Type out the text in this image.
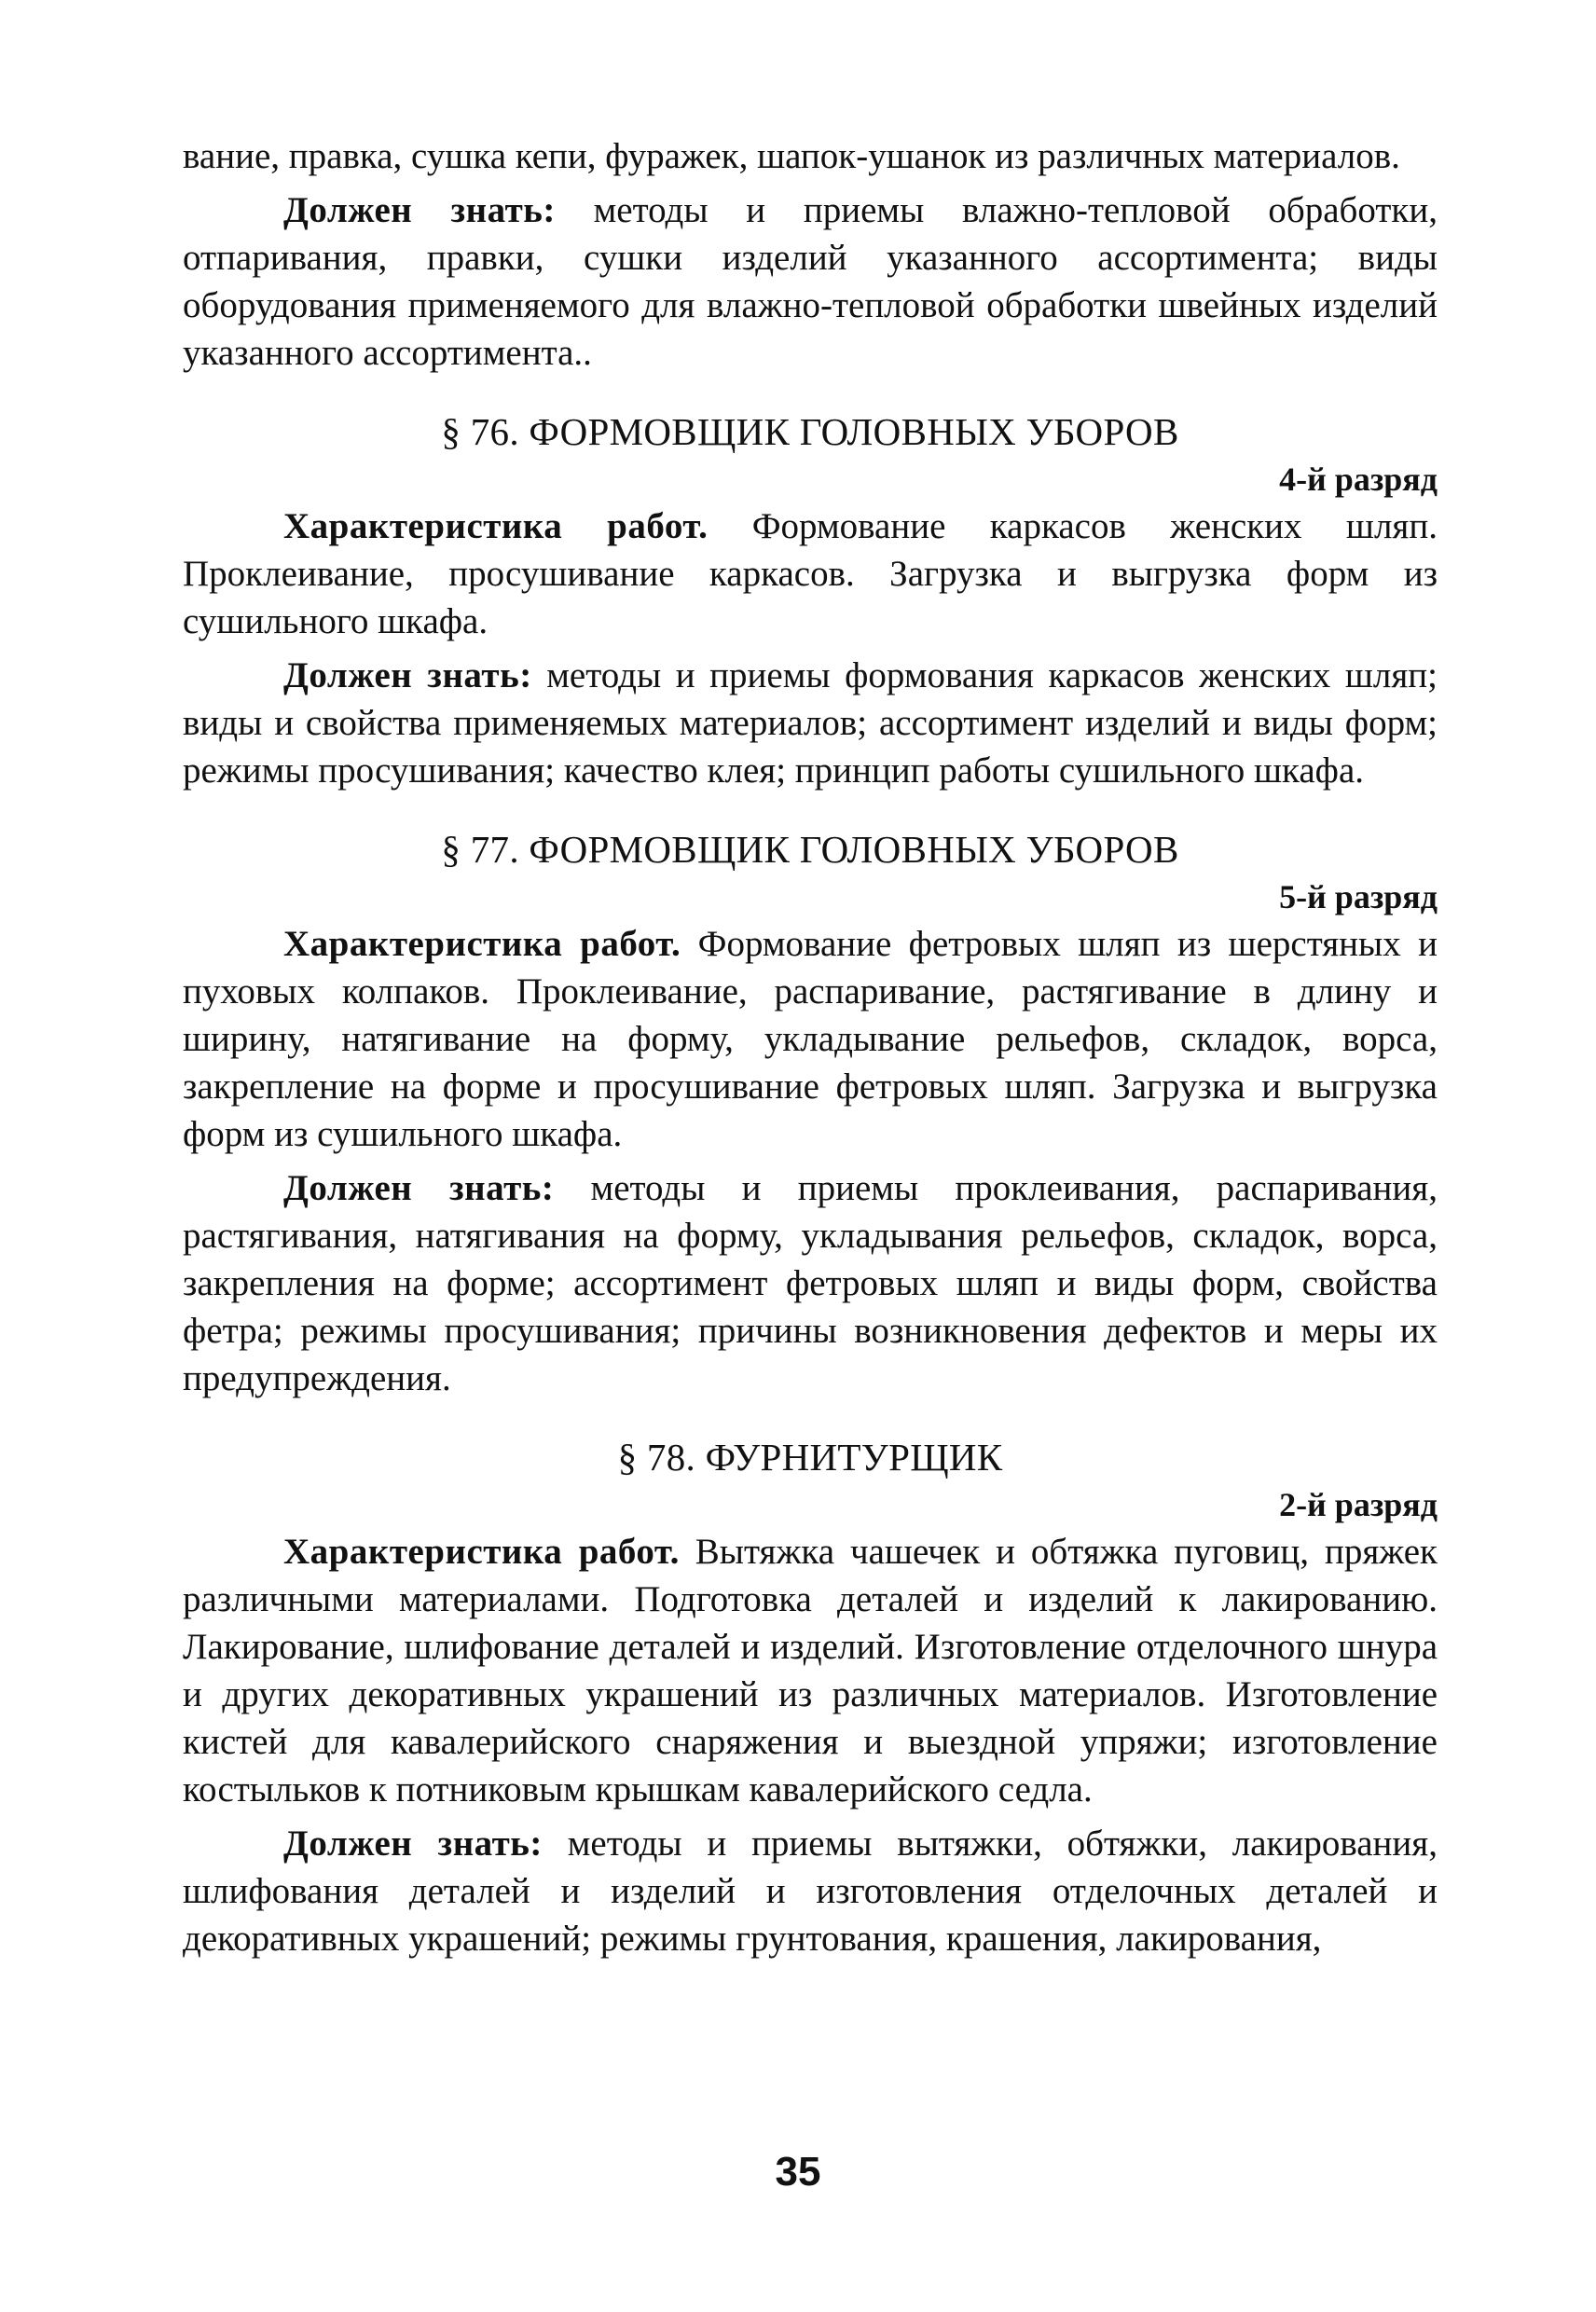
вание, правка, сушка кепи, фуражек, шапок-ушанок из различных материалов.

Должен знать: методы и приемы влажно-тепловой обработки, отпаривания, правки, сушки изделий указанного ассортимента; виды оборудования применяемого для влажно-тепловой обработки швейных изделий указанного ассортимента..

§ 76. ФОРМОВЩИК ГОЛОВНЫХ УБОРОВ

4-й разряд

Характеристика работ. Формование каркасов женских шляп. Проклеивание, просушивание каркасов. Загрузка и выгрузка форм из сушильного шкафа.

Должен знать: методы и приемы формования каркасов женских шляп; виды и свойства применяемых материалов; ассортимент изделий и виды форм; режимы просушивания; качество клея; принцип работы сушильного шкафа.

§ 77. ФОРМОВЩИК ГОЛОВНЫХ УБОРОВ

5-й разряд

Характеристика работ. Формование фетровых шляп из шерстяных и пуховых колпаков. Проклеивание, распаривание, растягивание в длину и ширину, натягивание на форму, укладывание рельефов, складок, ворса, закрепление на форме и просушивание фетровых шляп. Загрузка и выгрузка форм из сушильного шкафа.

Должен знать: методы и приемы проклеивания, распаривания, растягивания, натягивания на форму, укладывания рельефов, складок, ворса, закрепления на форме; ассортимент фетровых шляп и виды форм, свойства фетра; режимы просушивания; причины возникновения дефектов и меры их предупреждения.

§ 78. ФУРНИТУРЩИК

2-й разряд

Характеристика работ. Вытяжка чашечек и обтяжка пуговиц, пряжек различными материалами. Подготовка деталей и изделий к лакированию. Лакирование, шлифование деталей и изделий. Изготовление отделочного шнура и других декоративных украшений из различных материалов. Изготовление кистей для кавалерийского снаряжения и выездной упряжи; изготовление костыльков к потниковым крышкам кавалерийского седла.

Должен знать: методы и приемы вытяжки, обтяжки, лакирования, шлифования деталей и изделий и изготовления отделочных деталей и декоративных украшений; режимы грунтования, крашения, лакирования,

35
